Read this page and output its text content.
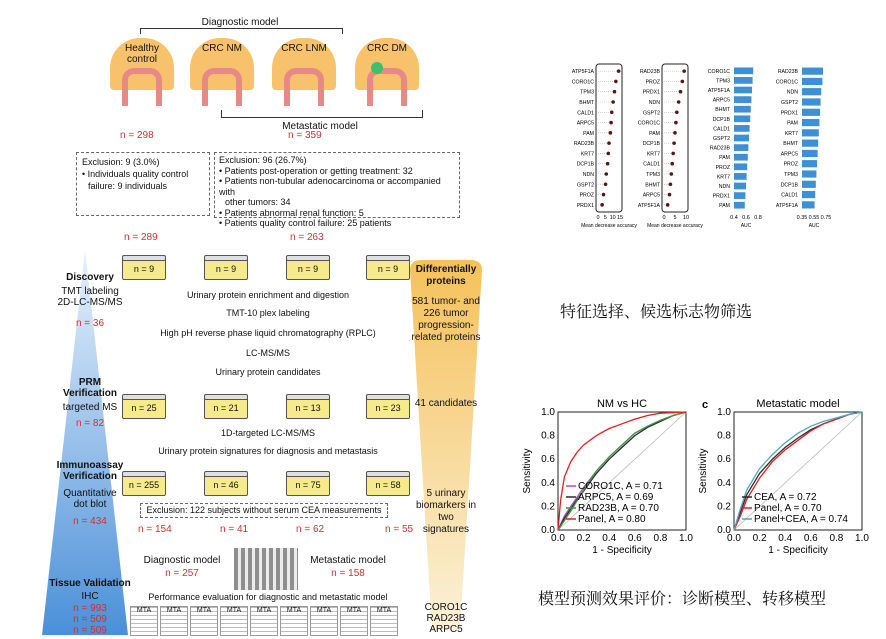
Diagnostic model
Healthy control
CRC NM	CRC LNM	CRC DM
Metastatic model
n = 298	n = 359
Exclusion: 9 (3.0%)
• Individuals quality control
failure: 9 individuals
Exclusion: 96 (26.7%)
• Patients post-operation or getting treatment: 32
• Patients non-tubular adenocarcinoma or accompanied with
other tumors: 34
• Patients abnormal renal function: 5
• Patients quality control failure: 25 patients
n = 289	n = 263
Discovery
TMT labeling 2D-LC-MS/MS
n = 36
PRM Verification
targeted MS
n = 82
Immunoassay Verification
Quantitative dot blot
n = 434
Tissue Validation
IHC
n = 993
n = 509
n = 509
Differentially proteins
581 tumor- and 226 tumor progression-related proteins
41 candidates
5 urinary biomarkers in two signatures
CORO1C
RAD23B
ARPC5
n = 9	n = 9	n = 9	n = 9
Urinary protein enrichment and digestion
TMT-10 plex labeling
High pH reverse phase liquid chromatography (RPLC)
LC-MS/MS
Urinary protein candidates
n = 25	n = 21	n = 13	n = 23
1D-targeted LC-MS/MS
Urinary protein signatures for diagnosis and metastasis
n = 255	n = 46	n = 75	n = 58
Exclusion: 122 subjects without serum CEA measurements
n = 154	n = 41	n = 62	n = 55
Diagnostic model
n = 257
Metastatic model
n = 158
Performance evaluation for diagnostic and metastatic model
MTA	MTA	MTA	MTA	MTA	MTA	MTA	MTA	MTA
ATP5F1A
CORO1C
TPM3
BHMT
CALD1
ARPC5
PAM
RAD23B
KRT7
DCP1B
NDN
GSPT2
PROZ
PRDX1
0 5 10 15
Mean decrease accuracy
RAD23B
PROZ
PRDX1
NDN
GSPT2
CORO1C
PAM
DCP1B
KRT7
CALD1
TPM3
BHMT
ARPC5
ATP5F1A
0 5 10
Mean decrease accuracy
CORO1C
TPM3
ATP5F1A
ARPC5
BHMT
DCP1B
CALD1
GSPT2
RAD23B
PAM
PROZ
KRT7
NDN
PRDX1
PAM
0.4 0.6 0.8
AUC
RAD23B
CORO1C
NDN
GSPT2
PRDX1
PAM
KRT7
BHMT
ARPC5
PROZ
TPM3
DCP1B
CALD1
ATP5F1A
0.35 0.55 0.75
AUC
特征选择、候选标志物筛选
NM vs HC
0.0
0.0
0.2
0.2
0.4
0.4
0.6
0.6
0.8
0.8
1.0
1.0
1 - Specificity
Sensitivity	CORO1C, A = 0.71
ARPC5, A = 0.69
RAD23B, A = 0.70
Panel, A = 0.80
Metastatic model
c
0.0
0.0
0.2
0.2
0.4
0.4
0.6
0.6
0.8
0.8
1.0
1.0
1 - Specificity
Sensitivity
CEA, A = 0.72
Panel, A = 0.70
Panel+CEA, A = 0.74
模型预测效果评价：诊断模型、转移模型
